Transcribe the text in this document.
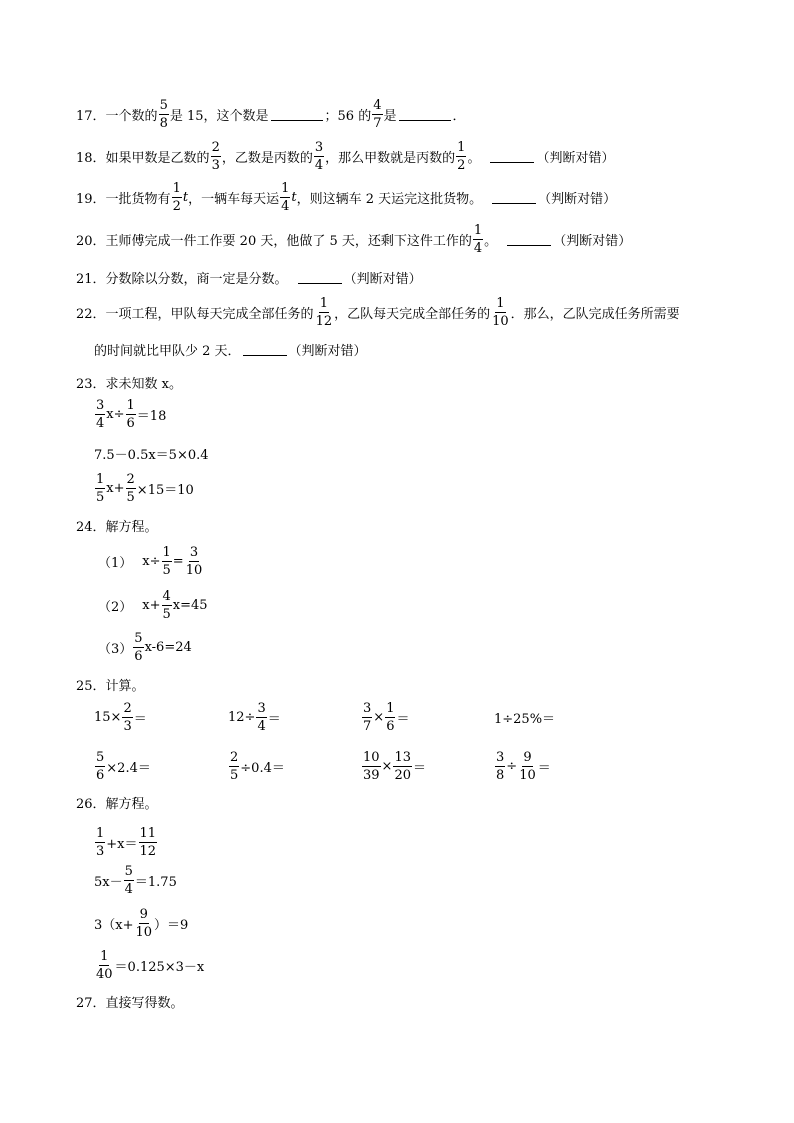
17． 一个数的 $\frac{5}{8}$ 是 15，这个数是	；56 的 $\frac{4}{7}$ 是	．
18． 如果甲数是乙数的 $\frac{2}{3}$ ，乙数是丙数的 $\frac{3}{4}$ ，那么甲数就是丙数的 $\frac{1}{2}$ 。	（判断对错）
19． 一批货物有 $\frac{1}{2}$ t ，一辆车每天运 $\frac{1}{4}$ t ，则这辆车 2 天运完这批货物。	（判断对错）
20． 王师傅完成一件工作要 20 天，他做了 5 天，还剩下这件工作的 $\frac{1}{4}$ 。	（判断对错）
21． 分数除以分数，商一定是分数。	（判断对错）
22． 一项工程，甲队每天完成全部任务的 $\frac{1}{12}$ ，乙队每天完成全部任务的 $\frac{1}{10}$ ．那么，乙队完成任务所需要
的时间就比甲队少 2 天．	（判断对错）
23．求未知数 x。
$\frac{3}{4} x\div \frac{1}{6} =18$
7.5－0.5x＝5×0.4
$\frac{1}{5} x+ \frac{2}{5} \times 15=10$
24．解方程。
（1） $x\div \frac{1}{5} = \frac{3}{10}$
（2） $x+ \frac{4}{5} x=45$
$(3) \frac{5}{6} x-6=24$
25．计算。
$15\times \frac{2}{3}$ ＝	$12\div \frac{3}{4}$ ＝	$\frac{3}{7} \times \frac{1}{6}$ ＝	1÷25%＝
$\frac{5}{6} \times 2.4=$	$\frac{2}{5} \div 0.4=$	$\frac{10}{39} \times \frac{13}{20}$ ＝	$\frac{3}{8} \div \frac{9}{10}$ ＝
26．解方程。
$\frac{1}{3} +x= \frac{11}{12}$
$5x- \frac{5}{4} =1.75$
$3(x+ \frac{9}{10} )=9$
$\frac{1}{40} =0.125\times 3-x$
27．直接写得数。
